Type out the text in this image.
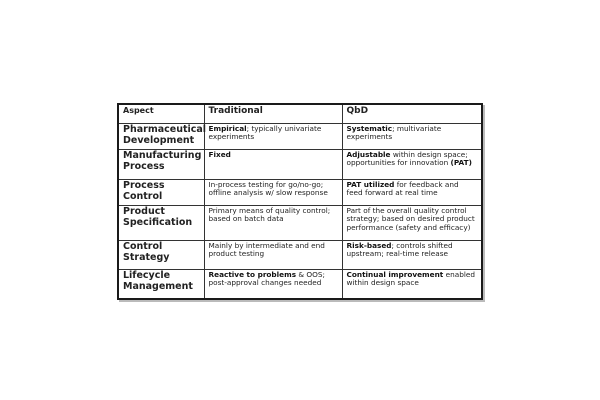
Aspect	Traditional	QbD
Pharmaceutical Development	Empirical; typically univariate experiments	Systematic; multivariate experiments
Manufacturing Process	Fixed	Adjustable within design space; opportunities for innovation (PAT)
Process Control	In-process testing for go/no-go; offline analysis w/ slow response	PAT utilized for feedback and feed forward at real time
Product Specification	Primary means of quality control; based on batch data	Part of the overall quality control strategy; based on desired product performance (safety and efficacy)
Control Strategy	Mainly by intermediate and end product testing	Risk-based; controls shifted upstream; real-time release
Lifecycle Management	Reactive to problems & OOS; post-approval changes needed	Continual improvement enabled within design space
